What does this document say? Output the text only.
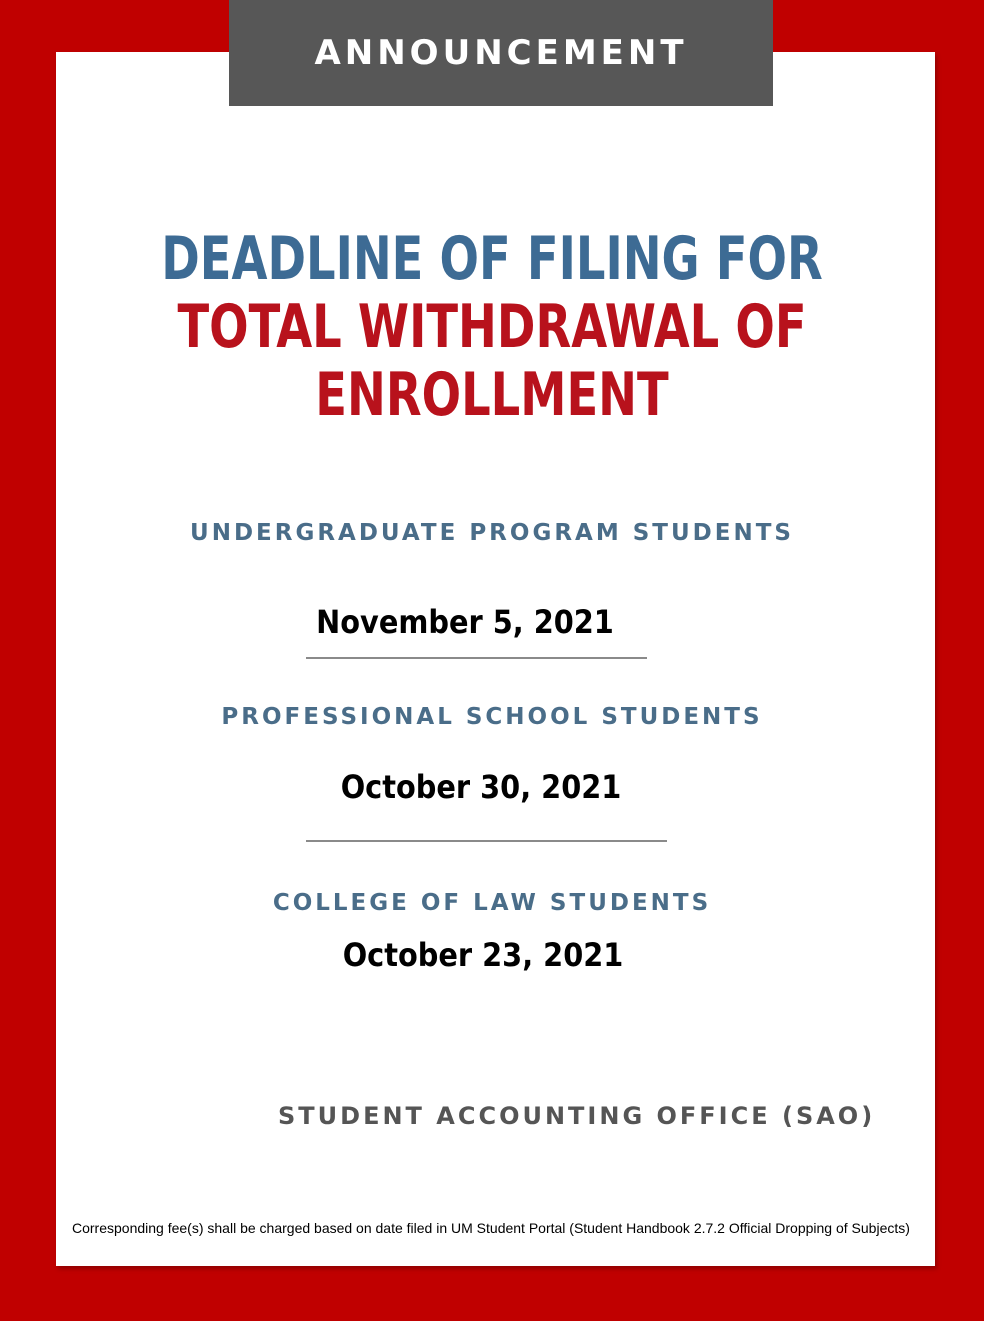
ANNOUNCEMENT
DEADLINE OF FILING FOR
TOTAL WITHDRAWAL OF
ENROLLMENT
UNDERGRADUATE PROGRAM STUDENTS
November 5, 2021
PROFESSIONAL SCHOOL STUDENTS
October 30, 2021
COLLEGE OF LAW STUDENTS
October 23, 2021
STUDENT ACCOUNTING OFFICE (SAO)
Corresponding fee(s) shall be charged based on date filed in UM Student Portal (Student Handbook 2.7.2 Official Dropping of Subjects)
